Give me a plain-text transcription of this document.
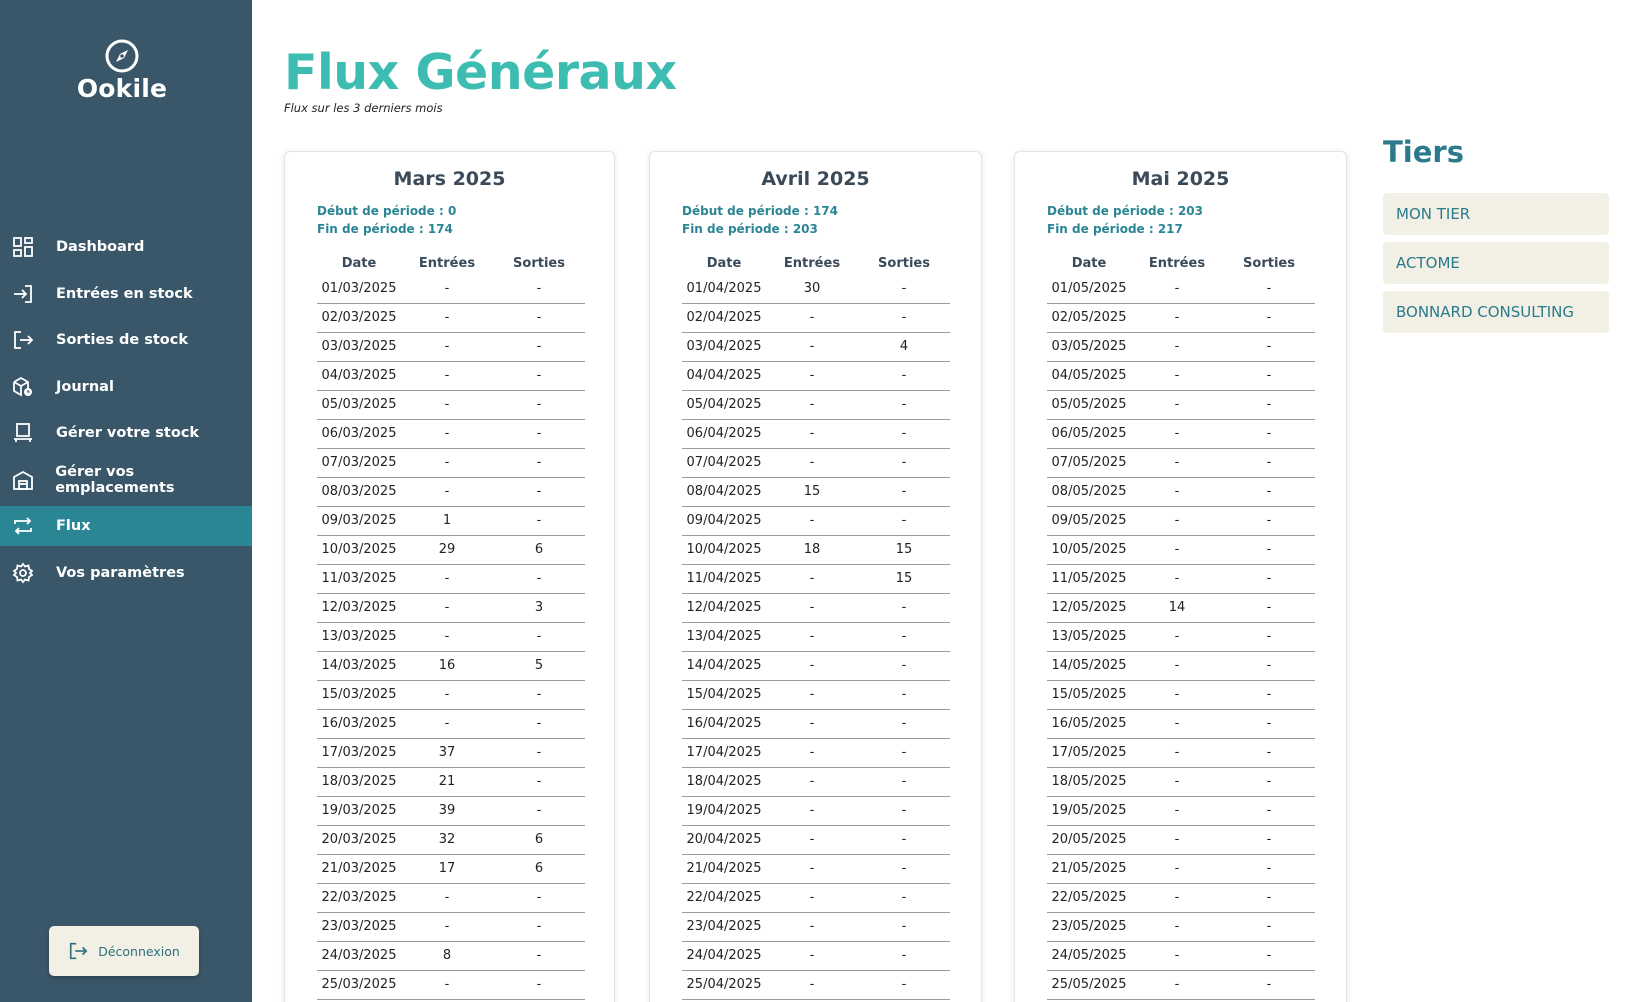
Ookile
Dashboard
Entrées en stock
Sorties de stock
Journal
Gérer votre stock
Gérer vos emplacements
Flux
Vos paramètres
Déconnexion
Flux Généraux

Flux sur les 3 derniers mois

Mars 2025
Début de période : 0
Fin de période : 174
Date	Entrées	Sorties
01/03/2025	-	-
02/03/2025	-	-
03/03/2025	-	-
04/03/2025	-	-
05/03/2025	-	-
06/03/2025	-	-
07/03/2025	-	-
08/03/2025	-	-
09/03/2025	1	-
10/03/2025	29	6
11/03/2025	-	-
12/03/2025	-	3
13/03/2025	-	-
14/03/2025	16	5
15/03/2025	-	-
16/03/2025	-	-
17/03/2025	37	-
18/03/2025	21	-
19/03/2025	39	-
20/03/2025	32	6
21/03/2025	17	6
22/03/2025	-	-
23/03/2025	-	-
24/03/2025	8	-
25/03/2025	-	-
Avril 2025
Début de période : 174
Fin de période : 203
Date	Entrées	Sorties
01/04/2025	30	-
02/04/2025	-	-
03/04/2025	-	4
04/04/2025	-	-
05/04/2025	-	-
06/04/2025	-	-
07/04/2025	-	-
08/04/2025	15	-
09/04/2025	-	-
10/04/2025	18	15
11/04/2025	-	15
12/04/2025	-	-
13/04/2025	-	-
14/04/2025	-	-
15/04/2025	-	-
16/04/2025	-	-
17/04/2025	-	-
18/04/2025	-	-
19/04/2025	-	-
20/04/2025	-	-
21/04/2025	-	-
22/04/2025	-	-
23/04/2025	-	-
24/04/2025	-	-
25/04/2025	-	-
Mai 2025
Début de période : 203
Fin de période : 217
Date	Entrées	Sorties
01/05/2025	-	-
02/05/2025	-	-
03/05/2025	-	-
04/05/2025	-	-
05/05/2025	-	-
06/05/2025	-	-
07/05/2025	-	-
08/05/2025	-	-
09/05/2025	-	-
10/05/2025	-	-
11/05/2025	-	-
12/05/2025	14	-
13/05/2025	-	-
14/05/2025	-	-
15/05/2025	-	-
16/05/2025	-	-
17/05/2025	-	-
18/05/2025	-	-
19/05/2025	-	-
20/05/2025	-	-
21/05/2025	-	-
22/05/2025	-	-
23/05/2025	-	-
24/05/2025	-	-
25/05/2025	-	-
Tiers
MON TIER
ACTOME
BONNARD CONSULTING
